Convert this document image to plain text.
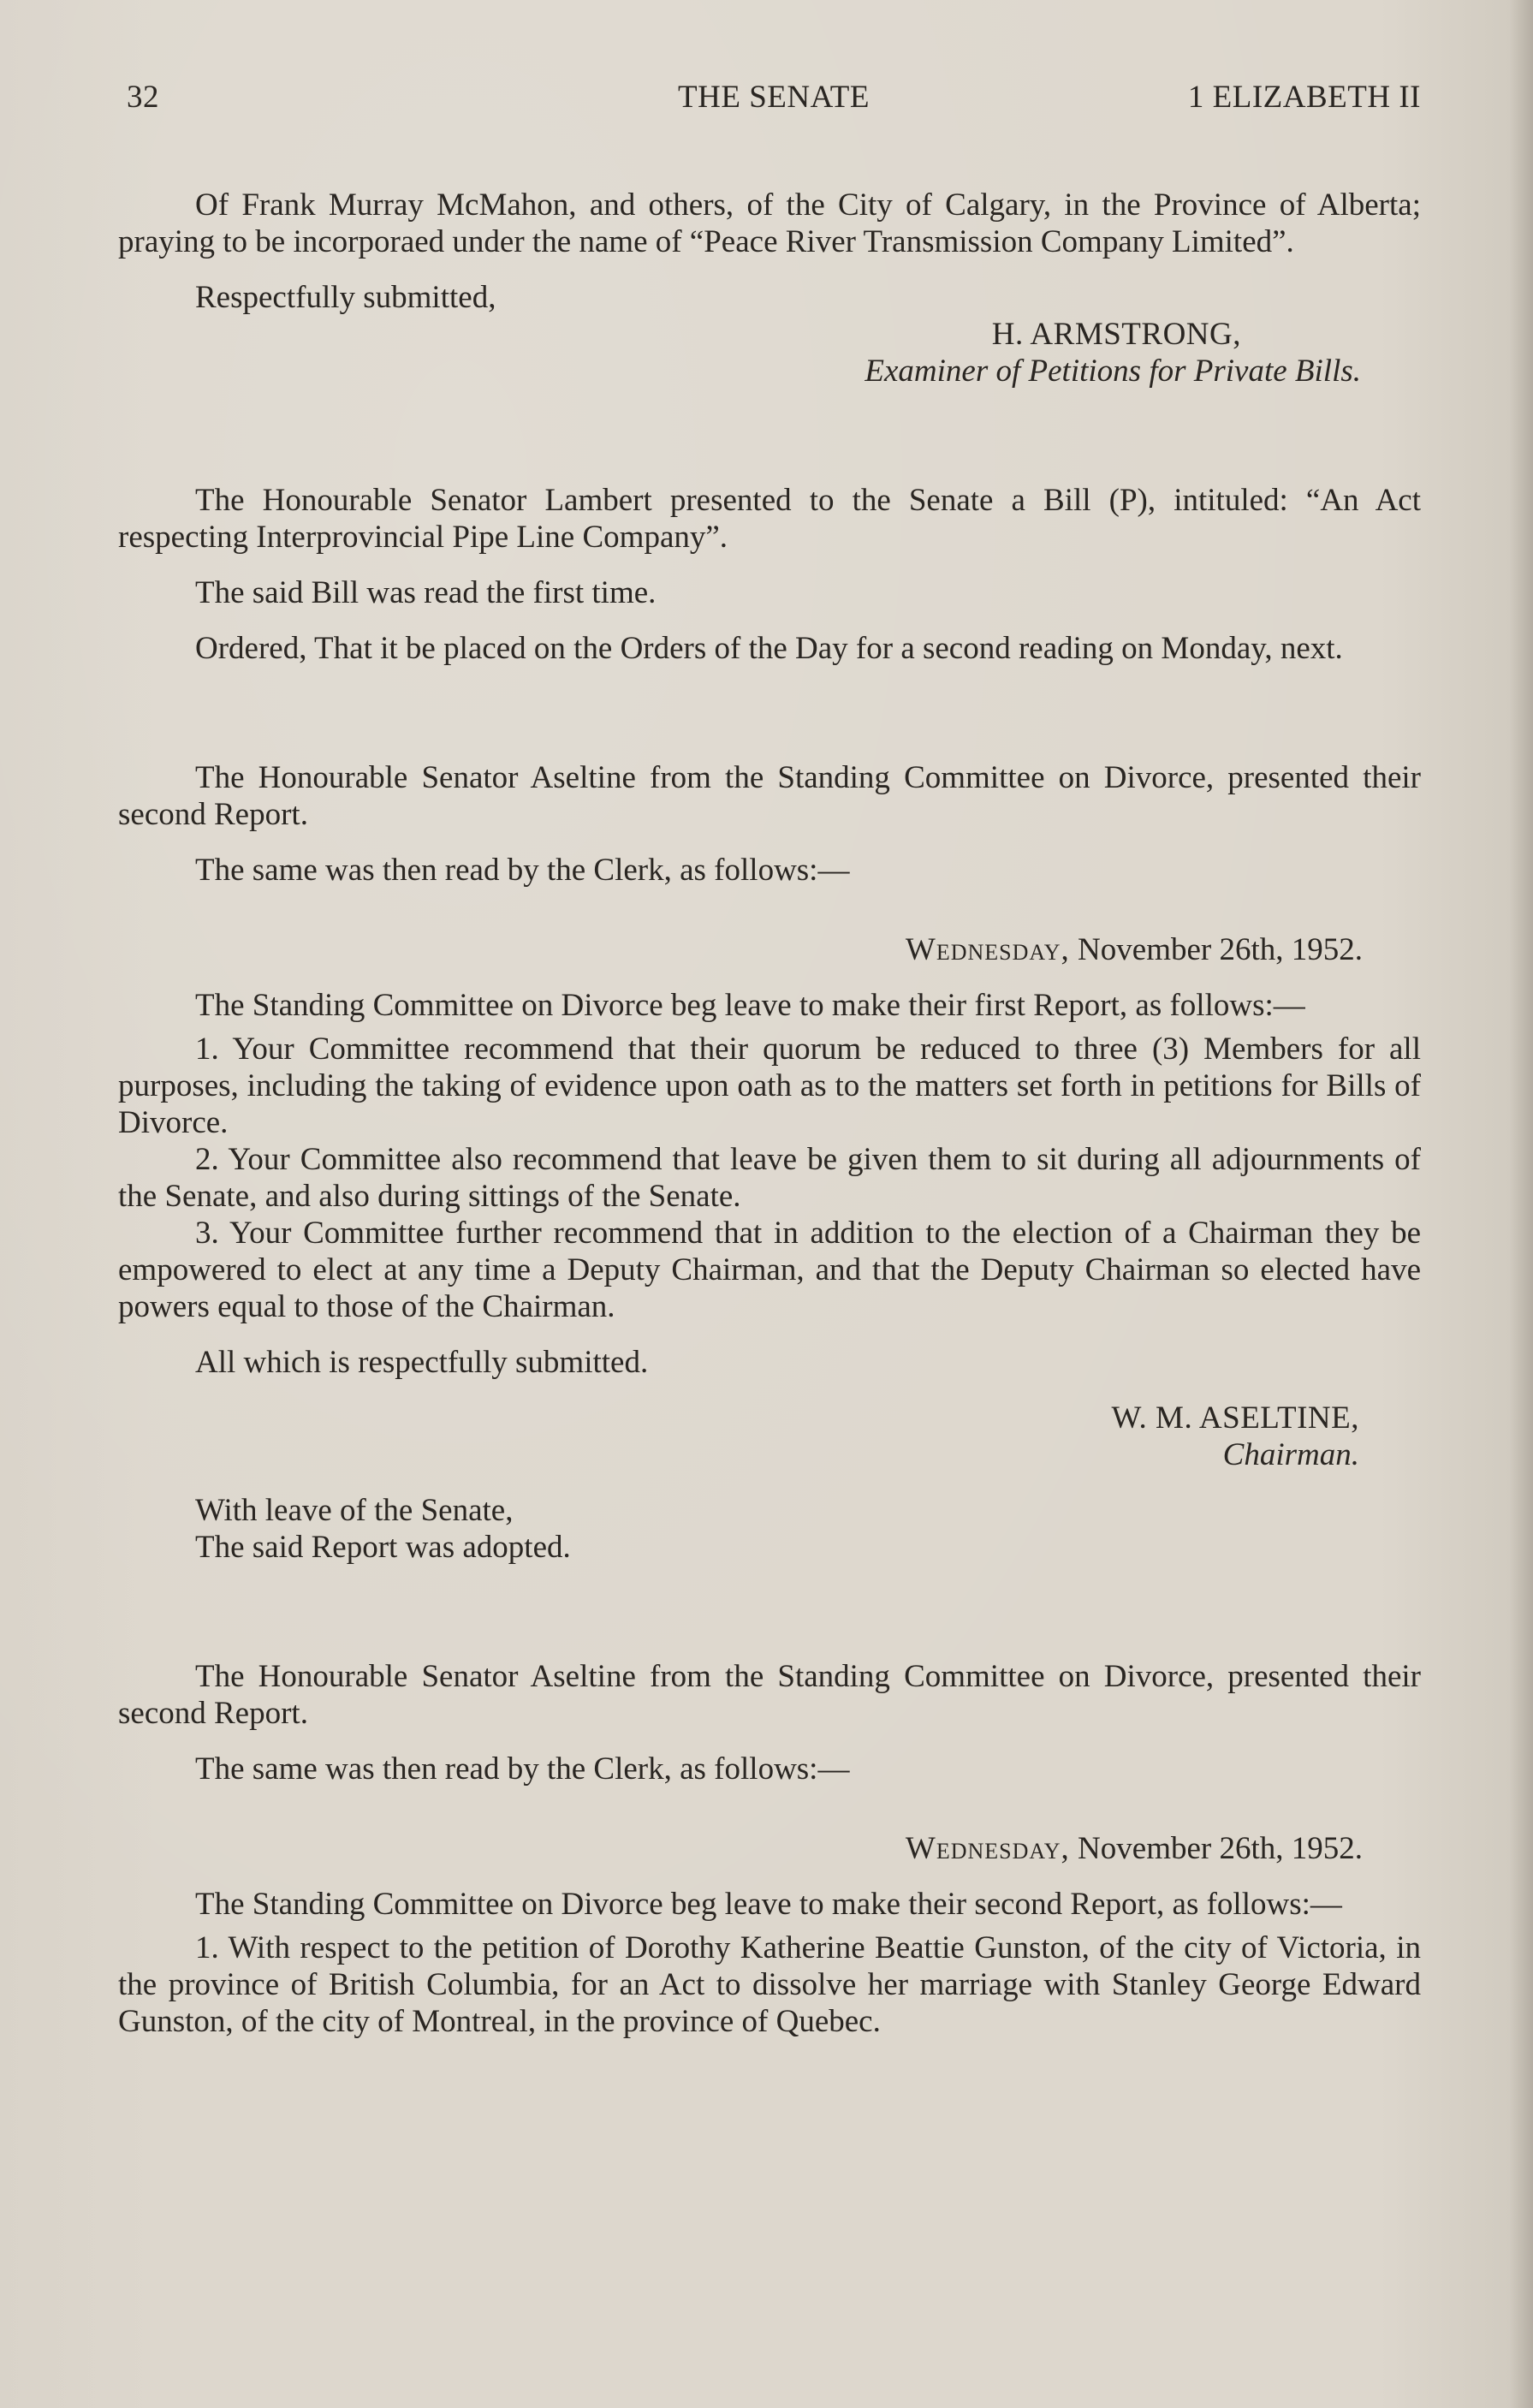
32	THE SENATE	1 ELIZABETH II

Of Frank Murray McMahon, and others, of the City of Calgary, in the Province of Alberta; praying to be incorporaed under the name of “Peace River Transmission Company Limited”.

Respectfully submitted,

H. ARMSTRONG,
Examiner of Petitions for Private Bills.

The Honourable Senator Lambert presented to the Senate a Bill (P), intituled: “An Act respecting Interprovincial Pipe Line Company”.

The said Bill was read the first time.

Ordered, That it be placed on the Orders of the Day for a second reading on Monday, next.

The Honourable Senator Aseltine from the Standing Committee on Divorce, presented their second Report.

The same was then read by the Clerk, as follows:—

Wednesday, November 26th, 1952.

The Standing Committee on Divorce beg leave to make their first Report, as follows:—

1. Your Committee recommend that their quorum be reduced to three (3) Members for all purposes, including the taking of evidence upon oath as to the matters set forth in petitions for Bills of Divorce.

2. Your Committee also recommend that leave be given them to sit during all adjournments of the Senate, and also during sittings of the Senate.

3. Your Committee further recommend that in addition to the election of a Chairman they be empowered to elect at any time a Deputy Chairman, and that the Deputy Chairman so elected have powers equal to those of the Chairman.

All which is respectfully submitted.

W. M. ASELTINE,
Chairman.

With leave of the Senate,

The said Report was adopted.

The Honourable Senator Aseltine from the Standing Committee on Divorce, presented their second Report.

The same was then read by the Clerk, as follows:—

Wednesday, November 26th, 1952.

The Standing Committee on Divorce beg leave to make their second Report, as follows:—

1. With respect to the petition of Dorothy Katherine Beattie Gunston, of the city of Victoria, in the province of British Columbia, for an Act to dissolve her marriage with Stanley George Edward Gunston, of the city of Montreal, in the province of Quebec.
